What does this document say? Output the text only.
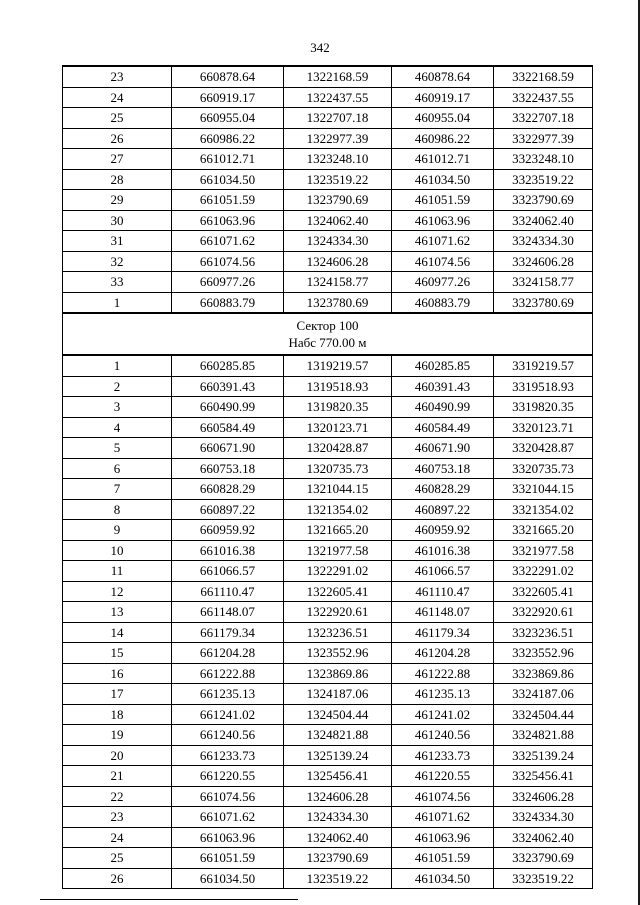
342
23	660878.64	1322168.59	460878.64	3322168.59
24	660919.17	1322437.55	460919.17	3322437.55
25	660955.04	1322707.18	460955.04	3322707.18
26	660986.22	1322977.39	460986.22	3322977.39
27	661012.71	1323248.10	461012.71	3323248.10
28	661034.50	1323519.22	461034.50	3323519.22
29	661051.59	1323790.69	461051.59	3323790.69
30	661063.96	1324062.40	461063.96	3324062.40
31	661071.62	1324334.30	461071.62	3324334.30
32	661074.56	1324606.28	461074.56	3324606.28
33	660977.26	1324158.77	460977.26	3324158.77
1	660883.79	1323780.69	460883.79	3323780.69

Сектор 100
Набс 770.00 м				

1	660285.85	1319219.57	460285.85	3319219.57
2	660391.43	1319518.93	460391.43	3319518.93
3	660490.99	1319820.35	460490.99	3319820.35
4	660584.49	1320123.71	460584.49	3320123.71
5	660671.90	1320428.87	460671.90	3320428.87
6	660753.18	1320735.73	460753.18	3320735.73
7	660828.29	1321044.15	460828.29	3321044.15
8	660897.22	1321354.02	460897.22	3321354.02
9	660959.92	1321665.20	460959.92	3321665.20
10	661016.38	1321977.58	461016.38	3321977.58
11	661066.57	1322291.02	461066.57	3322291.02
12	661110.47	1322605.41	461110.47	3322605.41
13	661148.07	1322920.61	461148.07	3322920.61
14	661179.34	1323236.51	461179.34	3323236.51
15	661204.28	1323552.96	461204.28	3323552.96
16	661222.88	1323869.86	461222.88	3323869.86
17	661235.13	1324187.06	461235.13	3324187.06
18	661241.02	1324504.44	461241.02	3324504.44
19	661240.56	1324821.88	461240.56	3324821.88
20	661233.73	1325139.24	461233.73	3325139.24
21	661220.55	1325456.41	461220.55	3325456.41
22	661074.56	1324606.28	461074.56	3324606.28
23	661071.62	1324334.30	461071.62	3324334.30
24	661063.96	1324062.40	461063.96	3324062.40
25	661051.59	1323790.69	461051.59	3323790.69
26	661034.50	1323519.22	461034.50	3323519.22
